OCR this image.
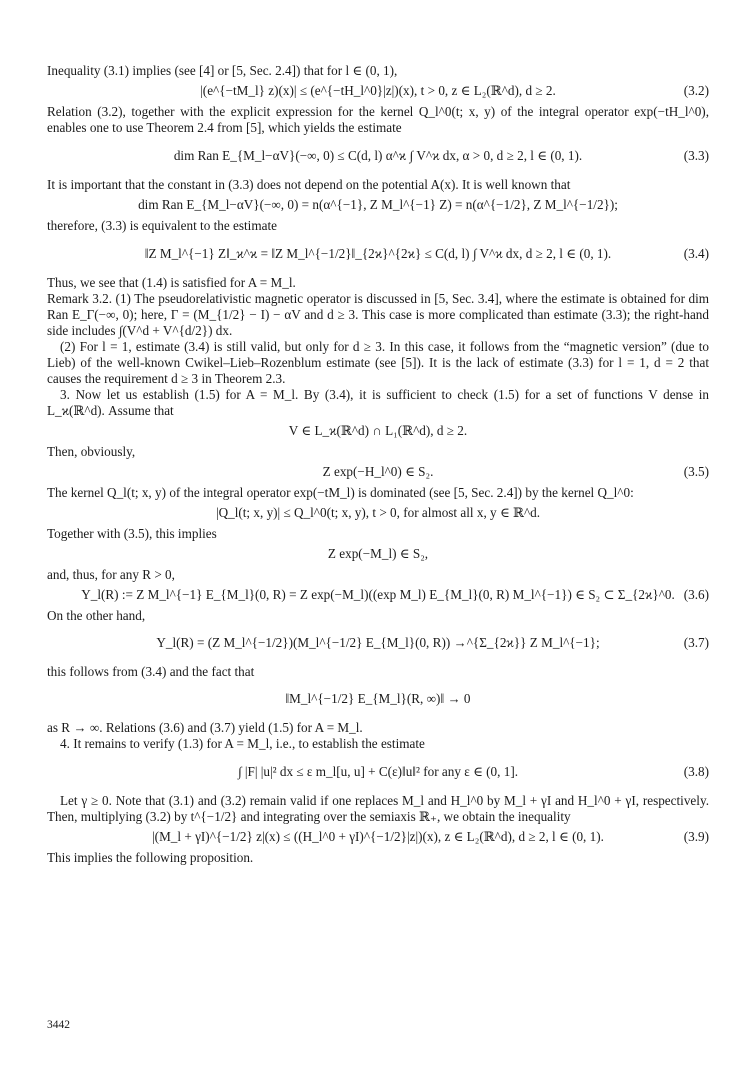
Inequality (3.1) implies (see [4] or [5, Sec. 2.4]) that for l ∈ (0, 1),

|(e^{−tM_l} z)(x)| ≤ (e^{−tH_l^0}|z|)(x), t > 0, z ∈ L₂(ℝ^d), d ≥ 2.	(3.2)

Relation (3.2), together with the explicit expression for the kernel Q_l^0(t; x, y) of the integral operator exp(−tH_l^0), enables one to use Theorem 2.4 from [5], which yields the estimate

dim Ran E_{M_l−αV}(−∞, 0) ≤ C(d, l) α^ϰ ∫ V^ϰ dx, α > 0, d ≥ 2, l ∈ (0, 1).	(3.3)

It is important that the constant in (3.3) does not depend on the potential A(x). It is well known that

dim Ran E_{M_l−αV}(−∞, 0) = n(α^{−1}, Z M_l^{−1} Z) = n(α^{−1/2}, Z M_l^{−1/2});

therefore, (3.3) is equivalent to the estimate

‖Z M_l^{−1} Z‖_ϰ^ϰ = ‖Z M_l^{−1/2}‖_{2ϰ}^{2ϰ} ≤ C(d, l) ∫ V^ϰ dx, d ≥ 2, l ∈ (0, 1).	(3.4)

Thus, we see that (1.4) is satisfied for A = M_l.

Remark 3.2. (1) The pseudorelativistic magnetic operator is discussed in [5, Sec. 3.4], where the estimate is obtained for dim Ran E_Γ(−∞, 0); here, Γ = (M_{1/2} − I) − αV and d ≥ 3. This case is more complicated than estimate (3.3); the right-hand side includes ∫(V^d + V^{d/2}) dx.

(2) For l = 1, estimate (3.4) is still valid, but only for d ≥ 3. In this case, it follows from the “magnetic version” (due to Lieb) of the well-known Cwikel–Lieb–Rozenblum estimate (see [5]). It is the lack of estimate (3.3) for l = 1, d = 2 that causes the requirement d ≥ 3 in Theorem 2.3.

3. Now let us establish (1.5) for A = M_l. By (3.4), it is sufficient to check (1.5) for a set of functions V dense in L_ϰ(ℝ^d). Assume that

V ∈ L_ϰ(ℝ^d) ∩ L₁(ℝ^d), d ≥ 2.

Then, obviously,

Z exp(−H_l^0) ∈ S₂.	(3.5)

The kernel Q_l(t; x, y) of the integral operator exp(−tM_l) is dominated (see [5, Sec. 2.4]) by the kernel Q_l^0:

|Q_l(t; x, y)| ≤ Q_l^0(t; x, y), t > 0, for almost all x, y ∈ ℝ^d.

Together with (3.5), this implies

Z exp(−M_l) ∈ S₂,

and, thus, for any R > 0,

Y_l(R) := Z M_l^{−1} E_{M_l}(0, R) = Z exp(−M_l)((exp M_l) E_{M_l}(0, R) M_l^{−1}) ∈ S₂ ⊂ Σ_{2ϰ}^0. (3.6)

On the other hand,

Y_l(R) = (Z M_l^{−1/2})(M_l^{−1/2} E_{M_l}(0, R)) →^{Σ_{2ϰ}} Z M_l^{−1};	(3.7)

this follows from (3.4) and the fact that

‖M_l^{−1/2} E_{M_l}(R, ∞)‖ → 0

as R → ∞. Relations (3.6) and (3.7) yield (1.5) for A = M_l.

4. It remains to verify (1.3) for A = M_l, i.e., to establish the estimate

∫ |F| |u|² dx ≤ ε m_l[u, u] + C(ε)‖u‖² for any ε ∈ (0, 1].	(3.8)

Let γ ≥ 0. Note that (3.1) and (3.2) remain valid if one replaces M_l and H_l^0 by M_l + γI and H_l^0 + γI, respectively. Then, multiplying (3.2) by t^{−1/2} and integrating over the semiaxis ℝ₊, we obtain the inequality

|(M_l + γI)^{−1/2} z|(x) ≤ ((H_l^0 + γI)^{−1/2}|z|)(x), z ∈ L₂(ℝ^d), d ≥ 2, l ∈ (0, 1).	(3.9)

This implies the following proposition.

3442
